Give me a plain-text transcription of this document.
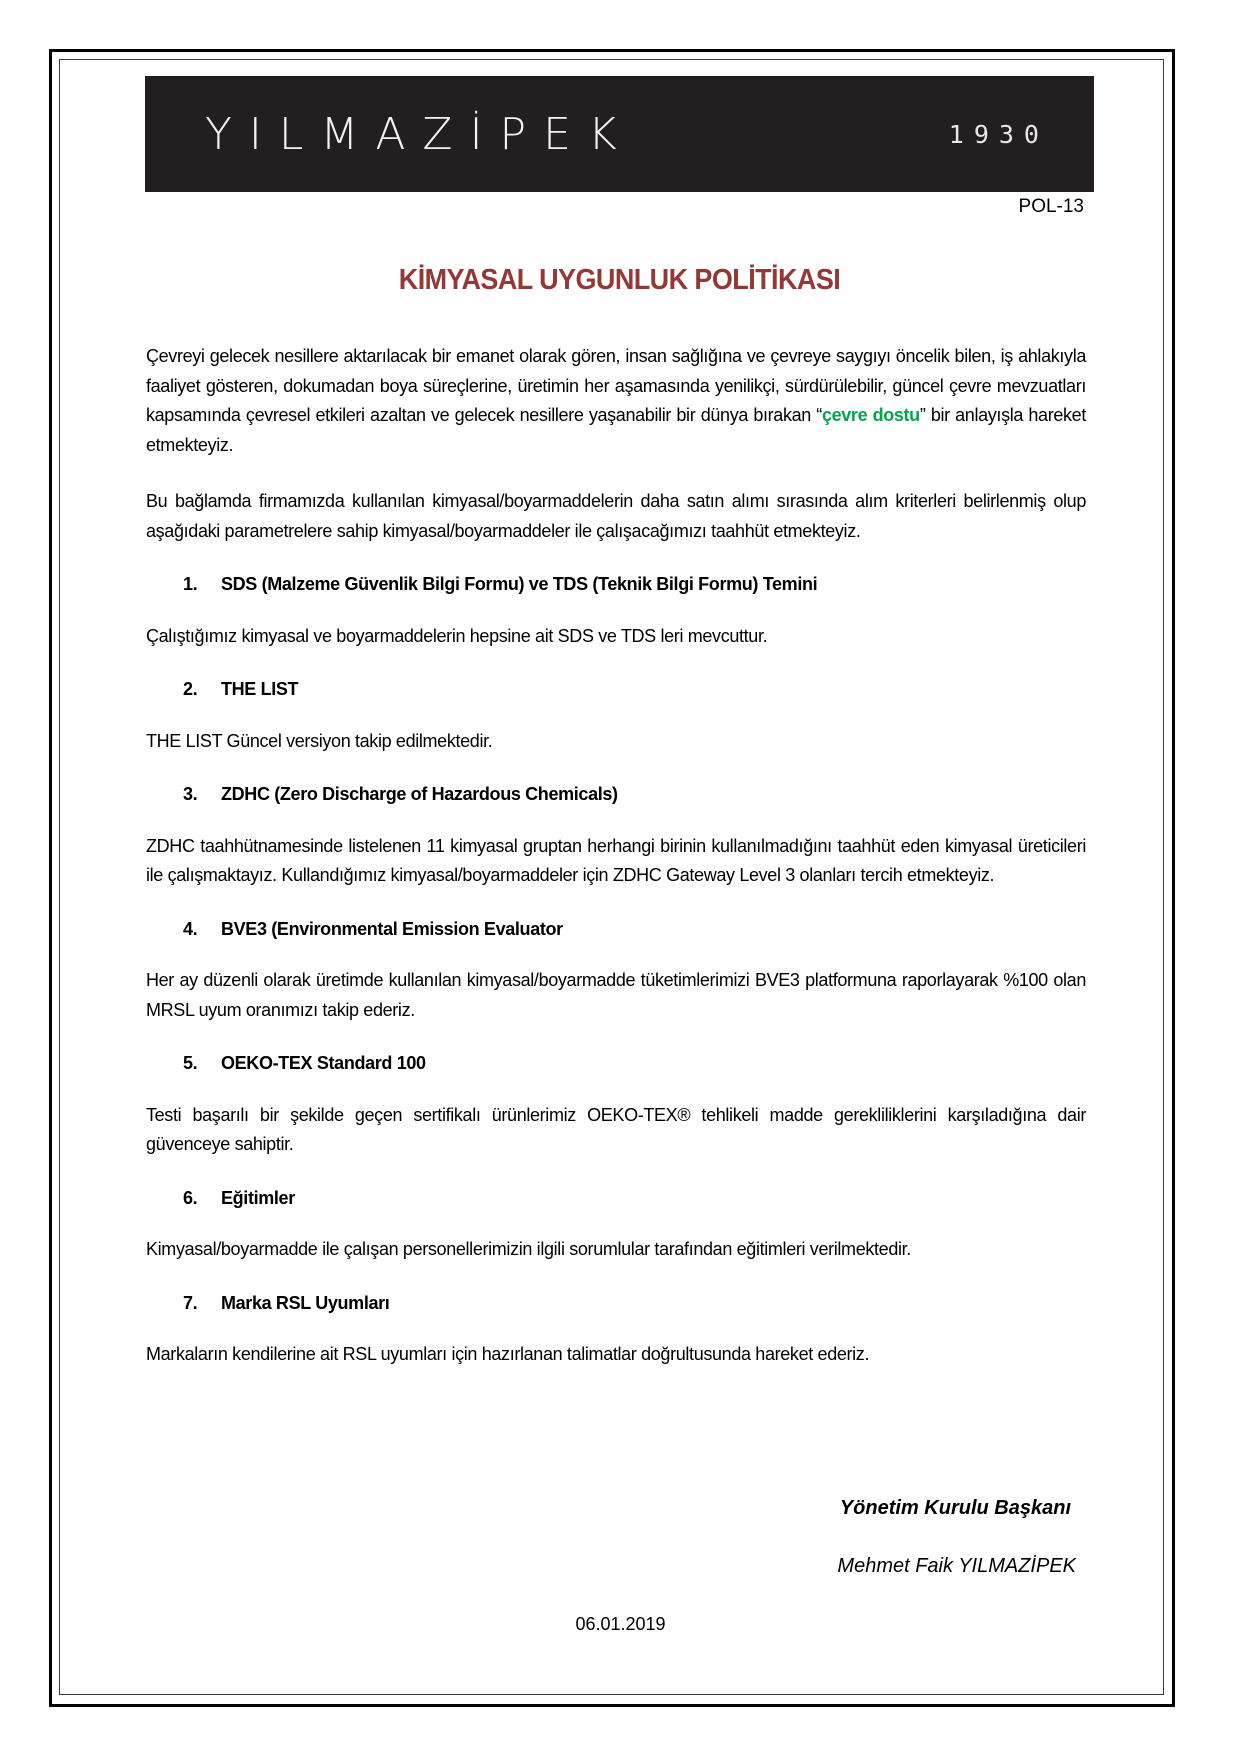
YILMAZİPEK	1930
POL-13
KİMYASAL UYGUNLUK POLİTİKASI

Çevreyi gelecek nesillere aktarılacak bir emanet olarak gören, insan sağlığına ve çevreye saygıyı öncelik bilen, iş ahlakıyla faaliyet gösteren, dokumadan boya süreçlerine, üretimin her aşamasında yenilikçi, sürdürülebilir, güncel çevre mevzuatları kapsamında çevresel etkileri azaltan ve gelecek nesillere yaşanabilir bir dünya bırakan “çevre dostu” bir anlayışla hareket etmekteyiz.

Bu bağlamda firmamızda kullanılan kimyasal/boyarmaddelerin daha satın alımı sırasında alım kriterleri belirlenmiş olup aşağıdaki parametrelere sahip kimyasal/boyarmaddeler ile çalışacağımızı taahhüt etmekteyiz.

1.	SDS (Malzeme Güvenlik Bilgi Formu) ve TDS (Teknik Bilgi Formu) Temini

Çalıştığımız kimyasal ve boyarmaddelerin hepsine ait SDS ve TDS leri mevcuttur.

2.	THE LIST

THE LIST Güncel versiyon takip edilmektedir.

3.	ZDHC (Zero Discharge of Hazardous Chemicals)

ZDHC taahhütnamesinde listelenen 11 kimyasal gruptan herhangi birinin kullanılmadığını taahhüt eden kimyasal üreticileri ile çalışmaktayız. Kullandığımız kimyasal/boyarmaddeler için ZDHC Gateway Level 3 olanları tercih etmekteyiz.

4.	BVE3 (Environmental Emission Evaluator

Her ay düzenli olarak üretimde kullanılan kimyasal/boyarmadde tüketimlerimizi BVE3 platformuna raporlayarak %100 olan MRSL uyum oranımızı takip ederiz.

5.	OEKO-TEX Standard 100

Testi başarılı bir şekilde geçen sertifikalı ürünlerimiz OEKO-TEX® tehlikeli madde gerekliliklerini karşıladığına dair güvenceye sahiptir.

6.	Eğitimler

Kimyasal/boyarmadde ile çalışan personellerimizin ilgili sorumlular tarafından eğitimleri verilmektedir.

7.	Marka RSL Uyumları

Markaların kendilerine ait RSL uyumları için hazırlanan talimatlar doğrultusunda hareket ederiz.

Yönetim Kurulu Başkanı
Mehmet Faik YILMAZİPEK
06.01.2019
